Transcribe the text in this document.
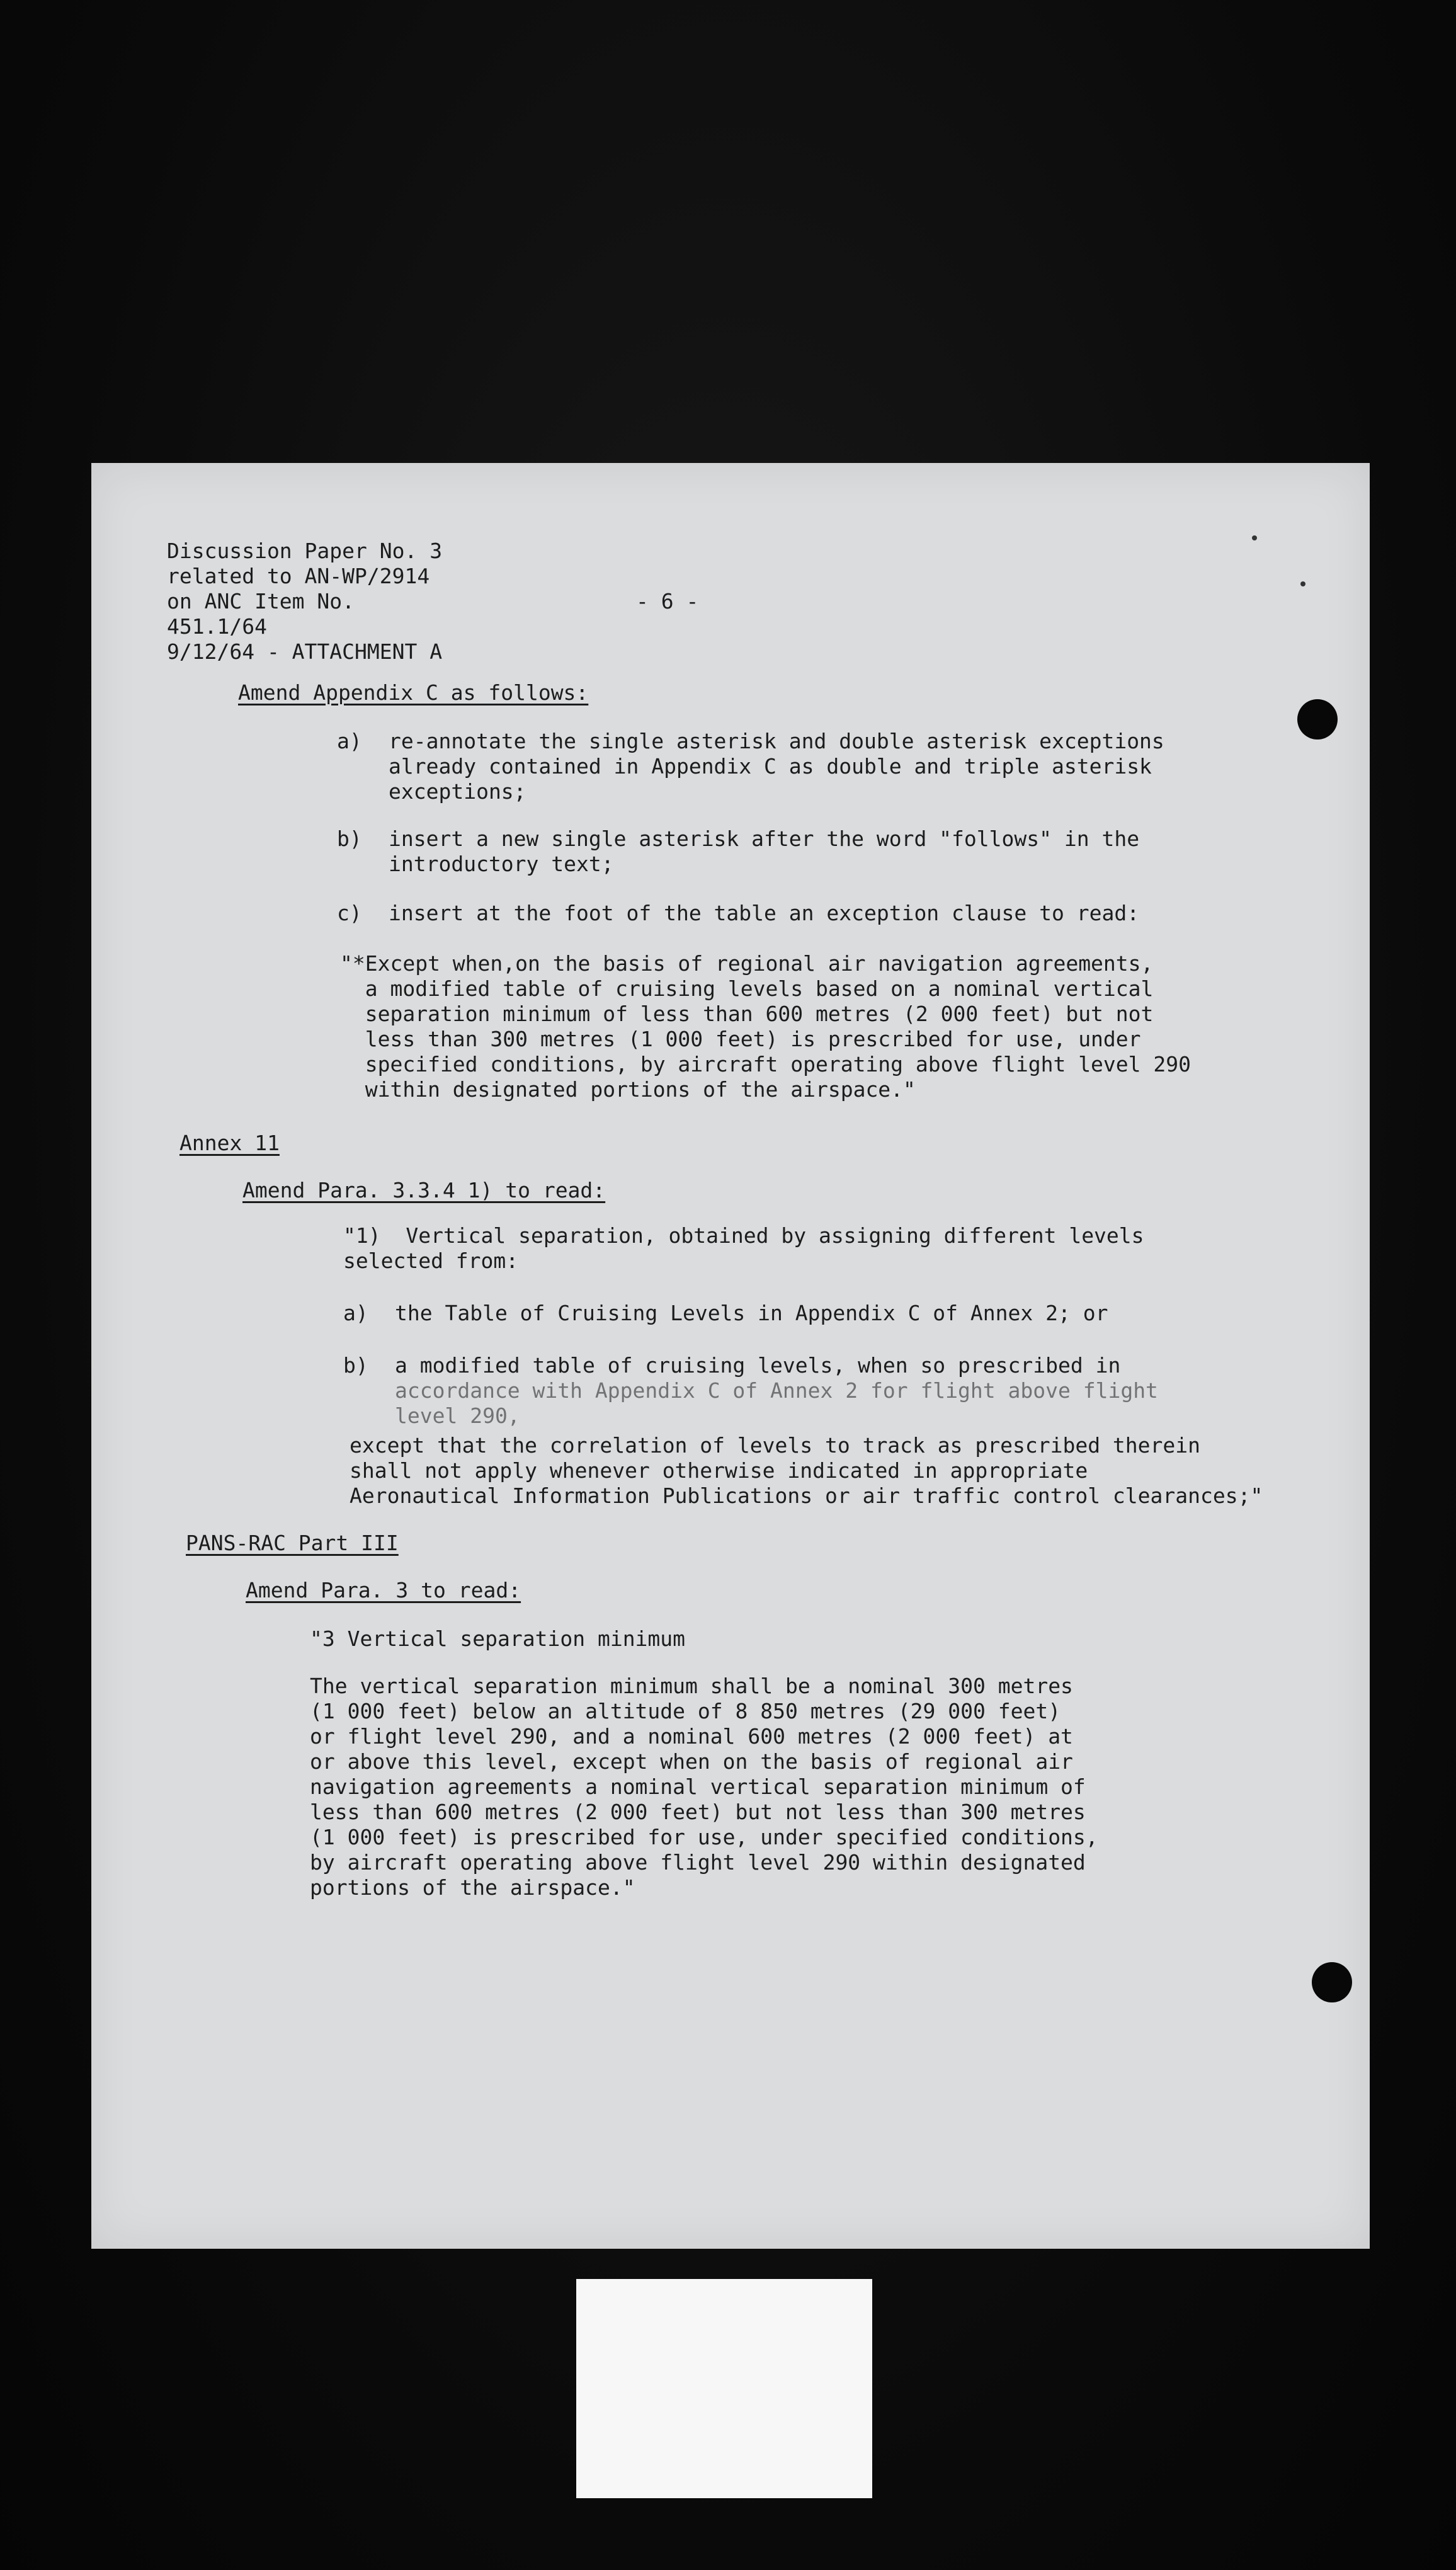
Discussion Paper No. 3

related to AN-WP/2914

on ANC Item No.

451.1/64

9/12/64 - ATTACHMENT A

- 6 -

Amend Appendix C as follows:

a) re-annotate the single asterisk and double asterisk exceptions

already contained in Appendix C as double and triple asterisk

exceptions;

b) insert a new single asterisk after the word "follows" in the

introductory text;

c) insert at the foot of the table an exception clause to read:

"*Except when,on the basis of regional air navigation agreements,

a modified table of cruising levels based on a nominal vertical

separation minimum of less than 600 metres (2 000 feet) but not

less than 300 metres (1 000 feet) is prescribed for use, under

specified conditions, by aircraft operating above flight level 290

within designated portions of the airspace."

Annex 11

Amend Para. 3.3.4 1) to read:

"1)  Vertical separation, obtained by assigning different levels

selected from:

a) the Table of Cruising Levels in Appendix C of Annex 2; or

b) a modified table of cruising levels, when so prescribed in

accordance with Appendix C of Annex 2 for flight above flight

level 290,

except that the correlation of levels to track as prescribed therein

shall not apply whenever otherwise indicated in appropriate

Aeronautical Information Publications or air traffic control clearances;"

PANS-RAC Part III

Amend Para. 3 to read:

"3 Vertical separation minimum

The vertical separation minimum shall be a nominal 300 metres

(1 000 feet) below an altitude of 8 850 metres (29 000 feet)

or flight level 290, and a nominal 600 metres (2 000 feet) at

or above this level, except when on the basis of regional air

navigation agreements a nominal vertical separation minimum of

less than 600 metres (2 000 feet) but not less than 300 metres

(1 000 feet) is prescribed for use, under specified conditions,

by aircraft operating above flight level 290 within designated

portions of the airspace."
